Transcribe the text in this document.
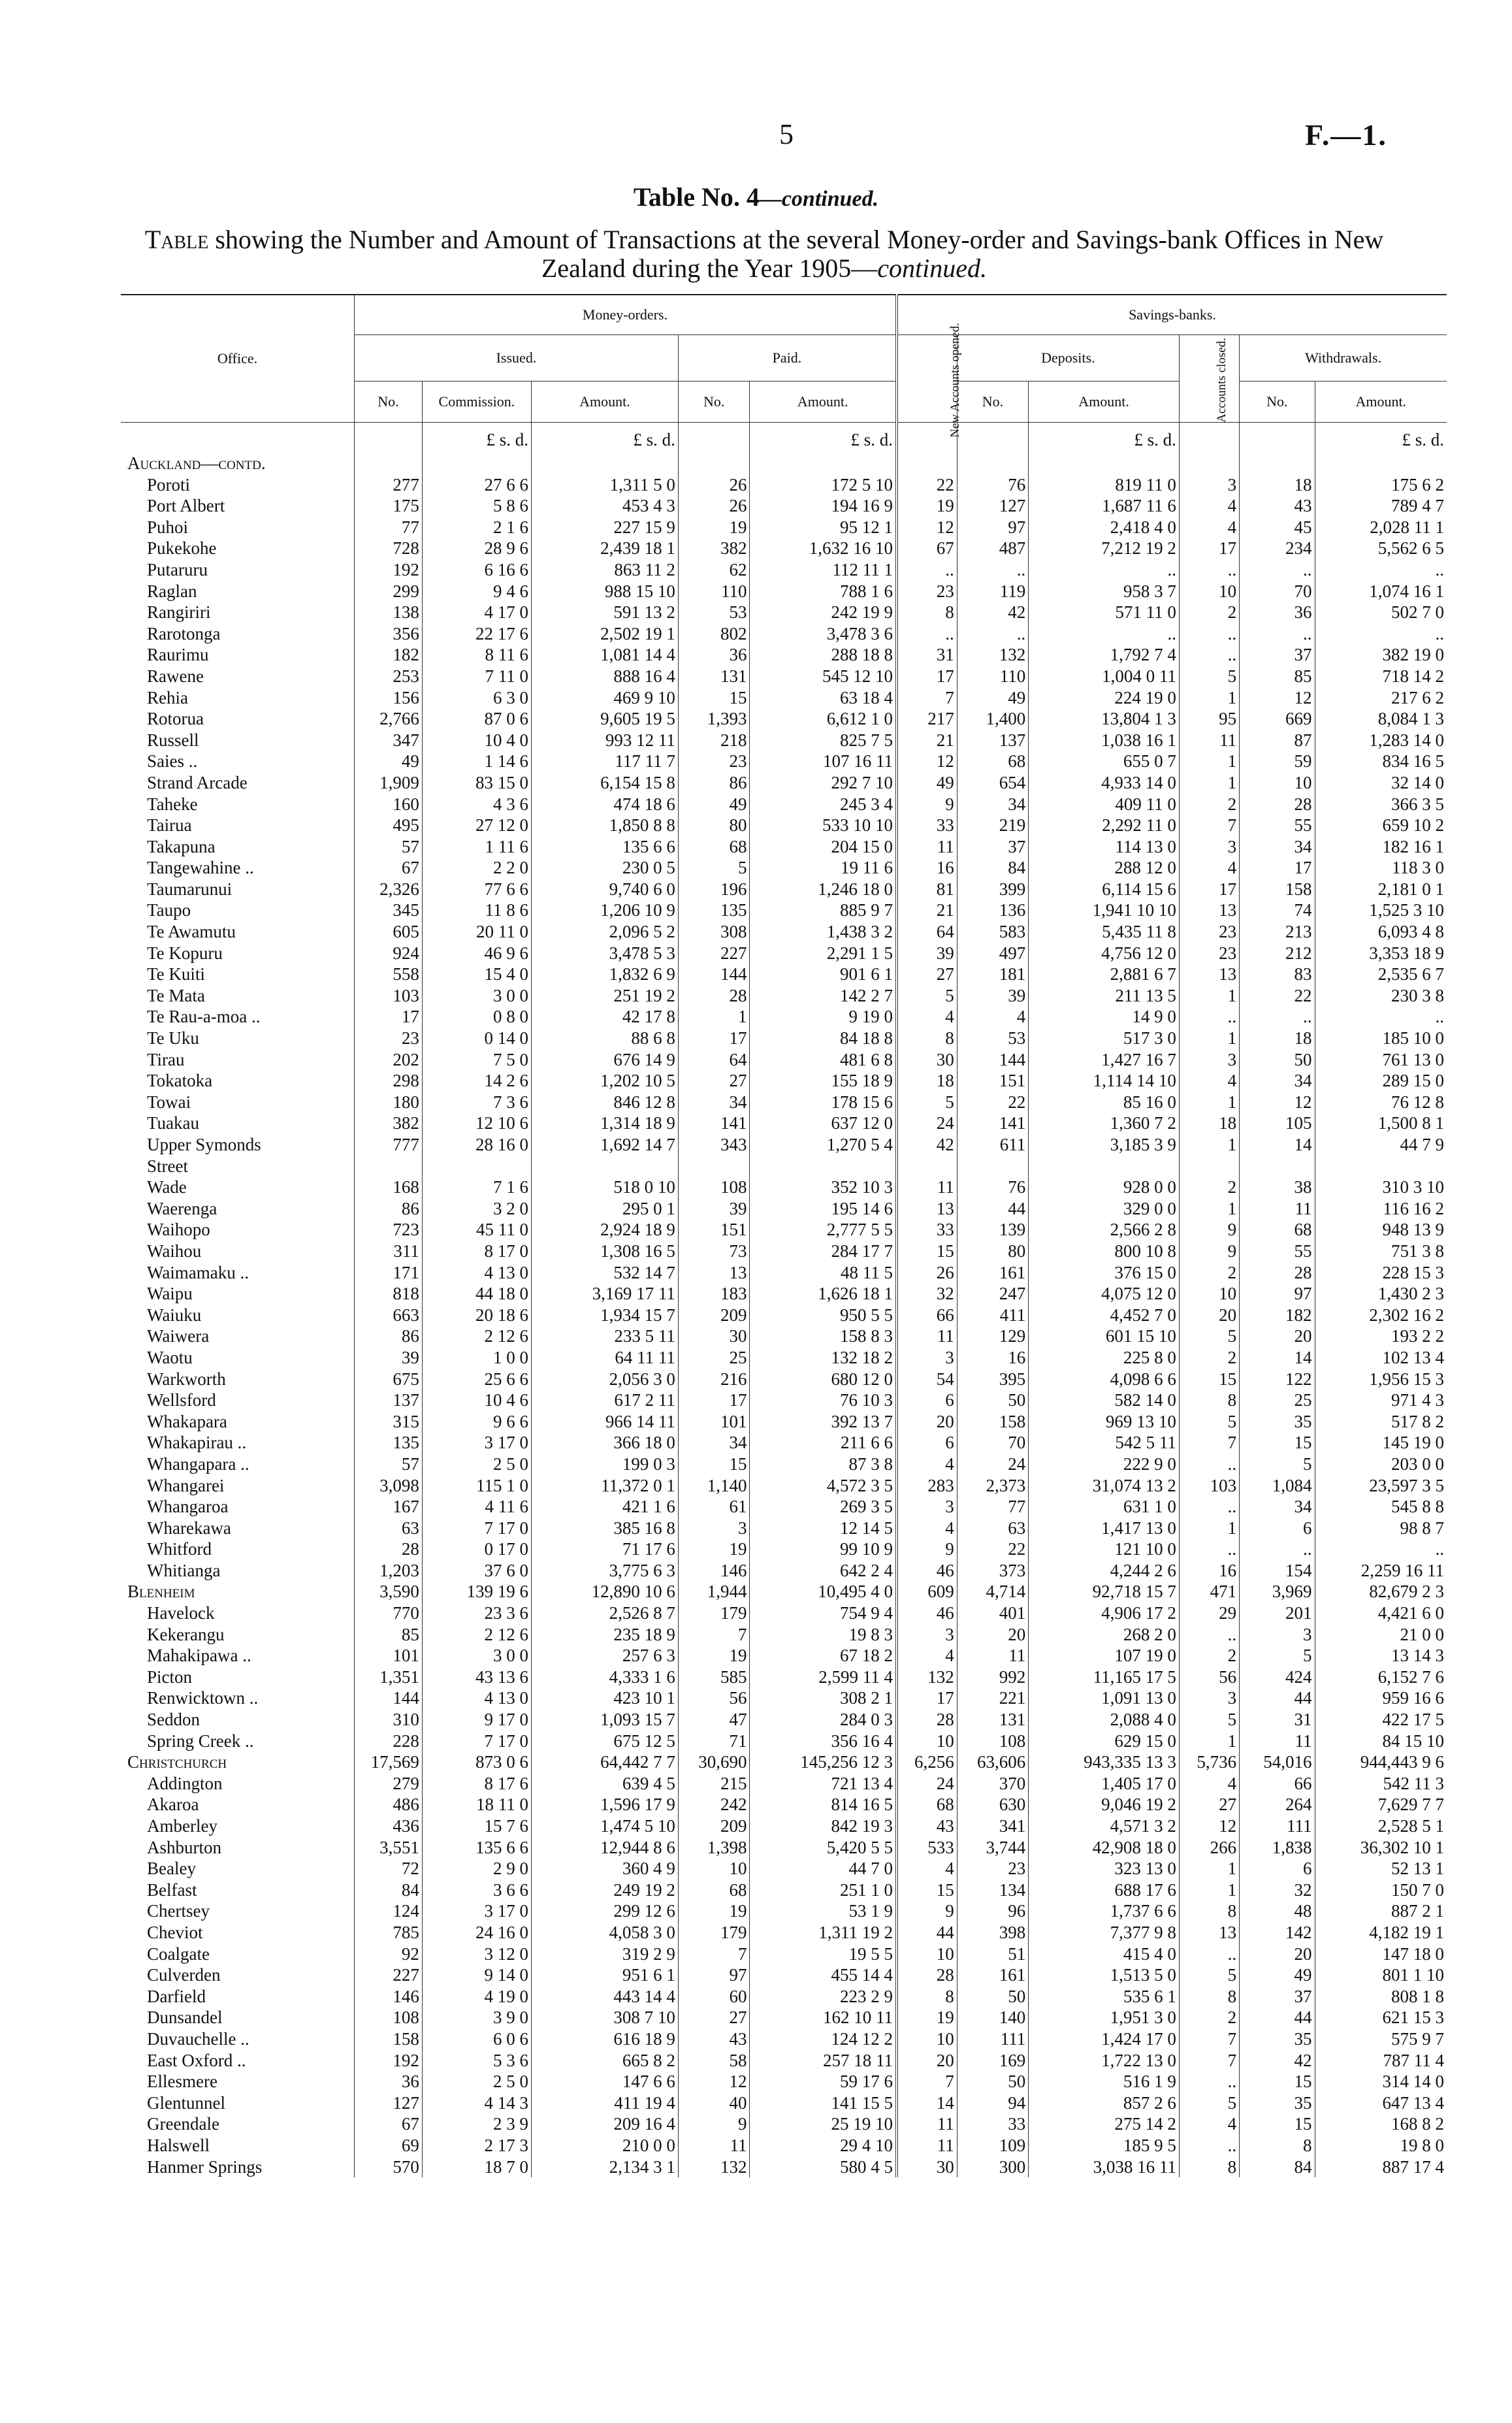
5	F.—1.
Table No. 4—continued.
Table showing the Number and Amount of Transactions at the several Money-order and Savings-bank Offices in New Zealand during the Year 1905—continued.
Office.	Money-orders.					Savings-banks.					
	Issued.			Paid.		New Accounts opened.	Deposits.		Accounts closed.	Withdrawals.	
	No.	Commission.	Amount.	No.	Amount.		No.	Amount.		No.	Amount.
		£ s. d.	£ s. d.		£ s. d.			£ s. d.			£ s. d.
Auckland—contd.											
Poroti	277	27 6 6	1,311 5 0	26	172 5 10	22	76	819 11 0	3	18	175 6 2
Port Albert	175	5 8 6	453 4 3	26	194 16 9	19	127	1,687 11 6	4	43	789 4 7
Puhoi	77	2 1 6	227 15 9	19	95 12 1	12	97	2,418 4 0	4	45	2,028 11 1
Pukekohe	728	28 9 6	2,439 18 1	382	1,632 16 10	67	487	7,212 19 2	17	234	5,562 6 5
Putaruru	192	6 16 6	863 11 2	62	112 11 1	..	..	..	..	..	..
Raglan	299	9 4 6	988 15 10	110	788 1 6	23	119	958 3 7	10	70	1,074 16 1
Rangiriri	138	4 17 0	591 13 2	53	242 19 9	8	42	571 11 0	2	36	502 7 0
Rarotonga	356	22 17 6	2,502 19 1	802	3,478 3 6	..	..	..	..	..	..
Raurimu	182	8 11 6	1,081 14 4	36	288 18 8	31	132	1,792 7 4	..	37	382 19 0
Rawene	253	7 11 0	888 16 4	131	545 12 10	17	110	1,004 0 11	5	85	718 14 2
Rehia	156	6 3 0	469 9 10	15	63 18 4	7	49	224 19 0	1	12	217 6 2
Rotorua	2,766	87 0 6	9,605 19 5	1,393	6,612 1 0	217	1,400	13,804 1 3	95	669	8,084 1 3
Russell	347	10 4 0	993 12 11	218	825 7 5	21	137	1,038 16 1	11	87	1,283 14 0
Saies ..	49	1 14 6	117 11 7	23	107 16 11	12	68	655 0 7	1	59	834 16 5
Strand Arcade	1,909	83 15 0	6,154 15 8	86	292 7 10	49	654	4,933 14 0	1	10	32 14 0
Taheke	160	4 3 6	474 18 6	49	245 3 4	9	34	409 11 0	2	28	366 3 5
Tairua	495	27 12 0	1,850 8 8	80	533 10 10	33	219	2,292 11 0	7	55	659 10 2
Takapuna	57	1 11 6	135 6 6	68	204 15 0	11	37	114 13 0	3	34	182 16 1
Tangewahine ..	67	2 2 0	230 0 5	5	19 11 6	16	84	288 12 0	4	17	118 3 0
Taumarunui	2,326	77 6 6	9,740 6 0	196	1,246 18 0	81	399	6,114 15 6	17	158	2,181 0 1
Taupo	345	11 8 6	1,206 10 9	135	885 9 7	21	136	1,941 10 10	13	74	1,525 3 10
Te Awamutu	605	20 11 0	2,096 5 2	308	1,438 3 2	64	583	5,435 11 8	23	213	6,093 4 8
Te Kopuru	924	46 9 6	3,478 5 3	227	2,291 1 5	39	497	4,756 12 0	23	212	3,353 18 9
Te Kuiti	558	15 4 0	1,832 6 9	144	901 6 1	27	181	2,881 6 7	13	83	2,535 6 7
Te Mata	103	3 0 0	251 19 2	28	142 2 7	5	39	211 13 5	1	22	230 3 8
Te Rau-a-moa ..	17	0 8 0	42 17 8	1	9 19 0	4	4	14 9 0	..	..	..
Te Uku	23	0 14 0	88 6 8	17	84 18 8	8	53	517 3 0	1	18	185 10 0
Tirau	202	7 5 0	676 14 9	64	481 6 8	30	144	1,427 16 7	3	50	761 13 0
Tokatoka	298	14 2 6	1,202 10 5	27	155 18 9	18	151	1,114 14 10	4	34	289 15 0
Towai	180	7 3 6	846 12 8	34	178 15 6	5	22	85 16 0	1	12	76 12 8
Tuakau	382	12 10 6	1,314 18 9	141	637 12 0	24	141	1,360 7 2	18	105	1,500 8 1
Upper Symonds	777	28 16 0	1,692 14 7	343	1,270 5 4	42	611	3,185 3 9	1	14	44 7 9
Street											
Wade	168	7 1 6	518 0 10	108	352 10 3	11	76	928 0 0	2	38	310 3 10
Waerenga	86	3 2 0	295 0 1	39	195 14 6	13	44	329 0 0	1	11	116 16 2
Waihopo	723	45 11 0	2,924 18 9	151	2,777 5 5	33	139	2,566 2 8	9	68	948 13 9
Waihou	311	8 17 0	1,308 16 5	73	284 17 7	15	80	800 10 8	9	55	751 3 8
Waimamaku ..	171	4 13 0	532 14 7	13	48 11 5	26	161	376 15 0	2	28	228 15 3
Waipu	818	44 18 0	3,169 17 11	183	1,626 18 1	32	247	4,075 12 0	10	97	1,430 2 3
Waiuku	663	20 18 6	1,934 15 7	209	950 5 5	66	411	4,452 7 0	20	182	2,302 16 2
Waiwera	86	2 12 6	233 5 11	30	158 8 3	11	129	601 15 10	5	20	193 2 2
Waotu	39	1 0 0	64 11 11	25	132 18 2	3	16	225 8 0	2	14	102 13 4
Warkworth	675	25 6 6	2,056 3 0	216	680 12 0	54	395	4,098 6 6	15	122	1,956 15 3
Wellsford	137	10 4 6	617 2 11	17	76 10 3	6	50	582 14 0	8	25	971 4 3
Whakapara	315	9 6 6	966 14 11	101	392 13 7	20	158	969 13 10	5	35	517 8 2
Whakapirau ..	135	3 17 0	366 18 0	34	211 6 6	6	70	542 5 11	7	15	145 19 0
Whangapara ..	57	2 5 0	199 0 3	15	87 3 8	4	24	222 9 0	..	5	203 0 0
Whangarei	3,098	115 1 0	11,372 0 1	1,140	4,572 3 5	283	2,373	31,074 13 2	103	1,084	23,597 3 5
Whangaroa	167	4 11 6	421 1 6	61	269 3 5	3	77	631 1 0	..	34	545 8 8
Wharekawa	63	7 17 0	385 16 8	3	12 14 5	4	63	1,417 13 0	1	6	98 8 7
Whitford	28	0 17 0	71 17 6	19	99 10 9	9	22	121 10 0	..	..	..
Whitianga	1,203	37 6 0	3,775 6 3	146	642 2 4	46	373	4,244 2 6	16	154	2,259 16 11
Blenheim	3,590	139 19 6	12,890 10 6	1,944	10,495 4 0	609	4,714	92,718 15 7	471	3,969	82,679 2 3
Havelock	770	23 3 6	2,526 8 7	179	754 9 4	46	401	4,906 17 2	29	201	4,421 6 0
Kekerangu	85	2 12 6	235 18 9	7	19 8 3	3	20	268 2 0	..	3	21 0 0
Mahakipawa ..	101	3 0 0	257 6 3	19	67 18 2	4	11	107 19 0	2	5	13 14 3
Picton	1,351	43 13 6	4,333 1 6	585	2,599 11 4	132	992	11,165 17 5	56	424	6,152 7 6
Renwicktown ..	144	4 13 0	423 10 1	56	308 2 1	17	221	1,091 13 0	3	44	959 16 6
Seddon	310	9 17 0	1,093 15 7	47	284 0 3	28	131	2,088 4 0	5	31	422 17 5
Spring Creek ..	228	7 17 0	675 12 5	71	356 16 4	10	108	629 15 0	1	11	84 15 10
Christchurch	17,569	873 0 6	64,442 7 7	30,690	145,256 12 3	6,256	63,606	943,335 13 3	5,736	54,016	944,443 9 6
Addington	279	8 17 6	639 4 5	215	721 13 4	24	370	1,405 17 0	4	66	542 11 3
Akaroa	486	18 11 0	1,596 17 9	242	814 16 5	68	630	9,046 19 2	27	264	7,629 7 7
Amberley	436	15 7 6	1,474 5 10	209	842 19 3	43	341	4,571 3 2	12	111	2,528 5 1
Ashburton	3,551	135 6 6	12,944 8 6	1,398	5,420 5 5	533	3,744	42,908 18 0	266	1,838	36,302 10 1
Bealey	72	2 9 0	360 4 9	10	44 7 0	4	23	323 13 0	1	6	52 13 1
Belfast	84	3 6 6	249 19 2	68	251 1 0	15	134	688 17 6	1	32	150 7 0
Chertsey	124	3 17 0	299 12 6	19	53 1 9	9	96	1,737 6 6	8	48	887 2 1
Cheviot	785	24 16 0	4,058 3 0	179	1,311 19 2	44	398	7,377 9 8	13	142	4,182 19 1
Coalgate	92	3 12 0	319 2 9	7	19 5 5	10	51	415 4 0	..	20	147 18 0
Culverden	227	9 14 0	951 6 1	97	455 14 4	28	161	1,513 5 0	5	49	801 1 10
Darfield	146	4 19 0	443 14 4	60	223 2 9	8	50	535 6 1	8	37	808 1 8
Dunsandel	108	3 9 0	308 7 10	27	162 10 11	19	140	1,951 3 0	2	44	621 15 3
Duvauchelle ..	158	6 0 6	616 18 9	43	124 12 2	10	111	1,424 17 0	7	35	575 9 7
East Oxford ..	192	5 3 6	665 8 2	58	257 18 11	20	169	1,722 13 0	7	42	787 11 4
Ellesmere	36	2 5 0	147 6 6	12	59 17 6	7	50	516 1 9	..	15	314 14 0
Glentunnel	127	4 14 3	411 19 4	40	141 15 5	14	94	857 2 6	5	35	647 13 4
Greendale	67	2 3 9	209 16 4	9	25 19 10	11	33	275 14 2	4	15	168 8 2
Halswell	69	2 17 3	210 0 0	11	29 4 10	11	109	185 9 5	..	8	19 8 0
Hanmer Springs	570	18 7 0	2,134 3 1	132	580 4 5	30	300	3,038 16 11	8	84	887 17 4
